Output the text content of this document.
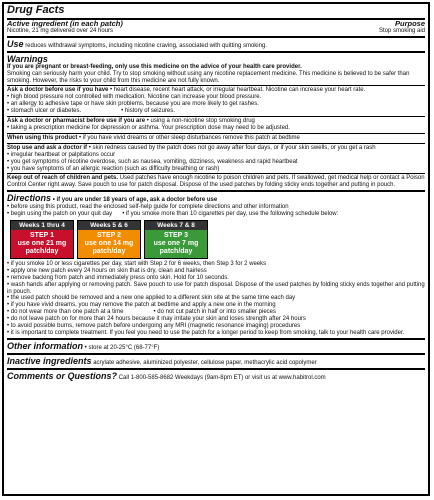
Drug Facts
Active ingredient (in each patch)	Purpose
Nicotine, 21 mg delivered over 24 hours	Stop smoking aid
Use reduces withdrawal symptoms, including nicotine craving, associated with quitting smoking.
Warnings
If you are pregnant or breast-feeding, only use this medicine on the advice of your health care provider.
Smoking can seriously harm your child. Try to stop smoking without using any nicotine replacement medicine. This medicine is believed to be safer than smoking. However, the risks to your child from this medicine are not fully known.
Ask a doctor before use if you have • heart disease, recent heart attack, or irregular heartbeat. Nicotine can increase your heart rate.
• high blood pressure not controlled with medication. Nicotine can increase your blood pressure.
• an allergy to adhesive tape or have skin problems, because you are more likely to get rashes.
• stomach ulcer or diabetes.	• history of seizures.
Ask a doctor or pharmacist before use if you are • using a non-nicotine stop smoking drug
• taking a prescription medicine for depression or asthma. Your prescription dose may need to be adjusted.
When using this product • if you have vivid dreams or other sleep disturbances remove this patch at bedtime
Stop use and ask a doctor if • skin redness caused by the patch does not go away after four days, or if your skin swells, or you get a rash
• irregular heartbeat or palpitations occur
• you get symptoms of nicotine overdose, such as nausea, vomiting, dizziness, weakness and rapid heartbeat
• you have symptoms of an allergic reaction (such as difficulty breathing or rash)
Keep out of reach of children and pets. Used patches have enough nicotine to poison children and pets. If swallowed, get medical help or contact a Poison Control Center right away. Save pouch to use for patch disposal. Dispose of the used patches by folding sticky ends together and putting in pouch.
Directions • if you are under 18 years of age, ask a doctor before use
• before using this product, read the enclosed self-help guide for complete directions and other information
• begin using the patch on your quit day • if you smoke more than 10 cigarettes per day, use the following schedule below:
Weeks 1 thru 4
STEP 1
use one 21 mg patch/day
Weeks 5 & 6
STEP 2
use one 14 mg patch/day
Weeks 7 & 8
STEP 3
use one 7 mg patch/day
• if you smoke 10 or less cigarettes per day, start with Step 2 for 6 weeks, then Step 3 for 2 weeks
• apply one new patch every 24 hours on skin that is dry, clean and hairless
• remove backing from patch and immediately press onto skin. Hold for 10 seconds.
• wash hands after applying or removing patch. Save pouch to use for patch disposal. Dispose of the used patches by folding sticky ends together and putting in pouch.
• the used patch should be removed and a new one applied to a different skin site at the same time each day
• if you have vivid dreams, you may remove the patch at bedtime and apply a new one in the morning
• do not wear more than one patch at a time	• do not cut patch in half or into smaller pieces
• do not leave patch on for more than 24 hours because it may irritate your skin and loses strength after 24 hours
• to avoid possible burns, remove patch before undergoing any MRI (magnetic resonance imaging) procedures
• it is important to complete treatment. If you feel you need to use the patch for a longer period to keep from smoking, talk to your health care provider.
Other information • store at 20-25°C (68-77°F)
Inactive ingredients acrylate adhesive, aluminized polyester, cellulose paper, methacrylic acid copolymer
Comments or Questions? Call 1-800-585-8682 Weekdays (9am-8pm ET) or visit us at www.habitrol.com
